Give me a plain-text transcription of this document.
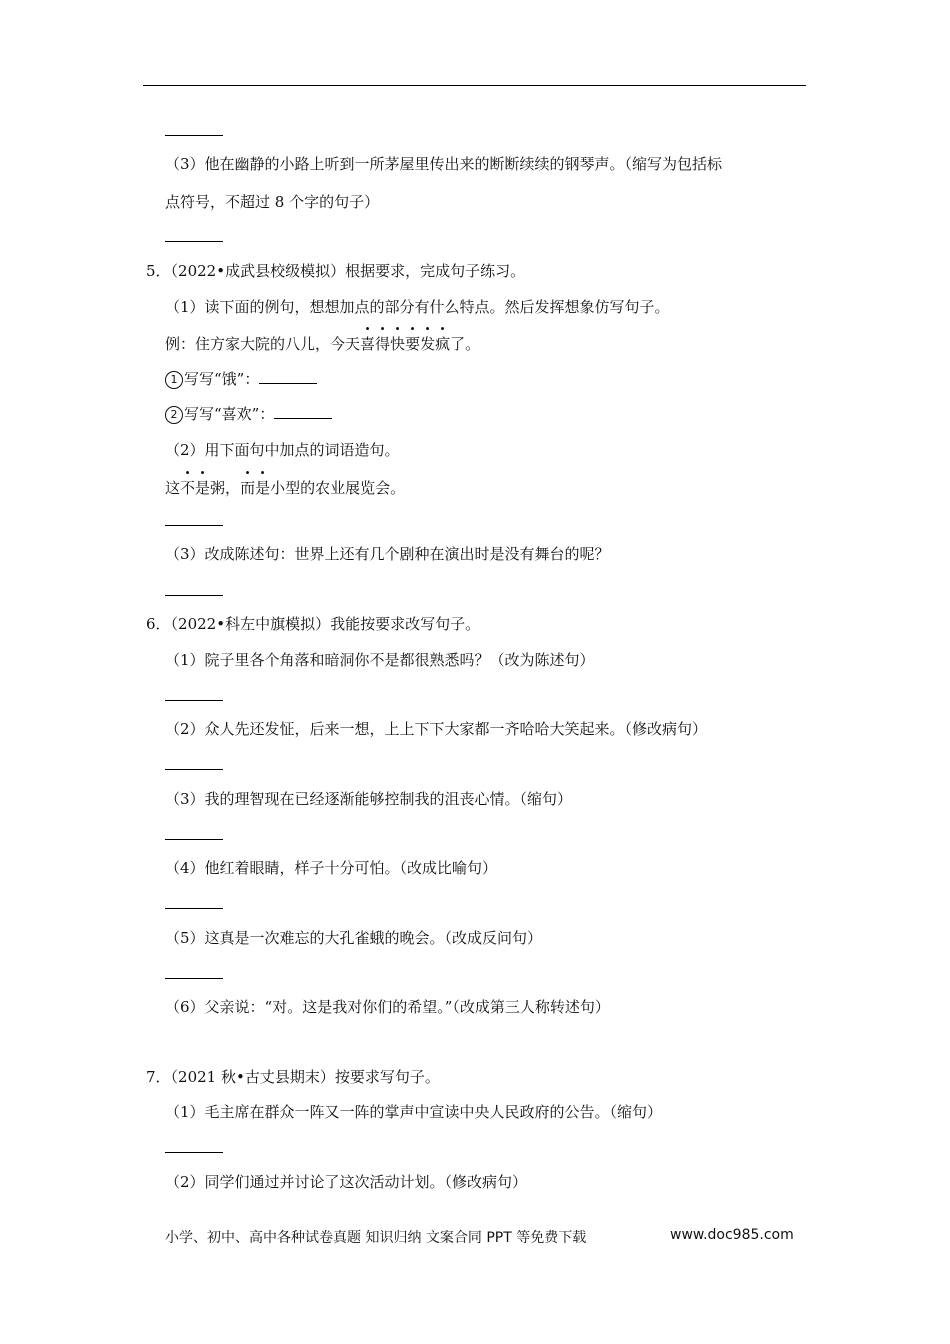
（3）他在幽静的小路上听到一所茅屋里传出来的断断续续的钢琴声。（缩写为包括标
点符号，不超过 8 个字的句子）
5．（2022•成武县校级模拟）根据要求，完成句子练习。
（1）读下面的例句，想想加点的部分有什么特点。然后发挥想象仿写句子。
例：住方家大院的八儿，今天喜得快要发疯了。
1 写写“饿”：
2 写写“喜欢”：
（2）用下面句中加点的词语造句。
这不是粥，而是小型的农业展览会。
（3）改成陈述句：世界上还有几个剧种在演出时是没有舞台的呢？
6．（2022•科左中旗模拟）我能按要求改写句子。
（1）院子里各个角落和暗洞你不是都很熟悉吗？（改为陈述句）
（2）众人先还发怔，后来一想，上上下下大家都一齐哈哈大笑起来。（修改病句）
（3）我的理智现在已经逐渐能够控制我的沮丧心情。（缩句）
（4）他红着眼睛，样子十分可怕。（改成比喻句）
（5）这真是一次难忘的大孔雀蛾的晚会。（改成反问句）
（6）父亲说：“对。这是我对你们的希望。”（改成第三人称转述句）
7．（2021 秋•古丈县期末）按要求写句子。
（1）毛主席在群众一阵又一阵的掌声中宣读中央人民政府的公告。（缩句）
（2）同学们通过并讨论了这次活动计划。（修改病句）
小学、初中、高中各种试卷真题 知识归纳 文案合同 PPT 等免费下载	www.doc985.com
